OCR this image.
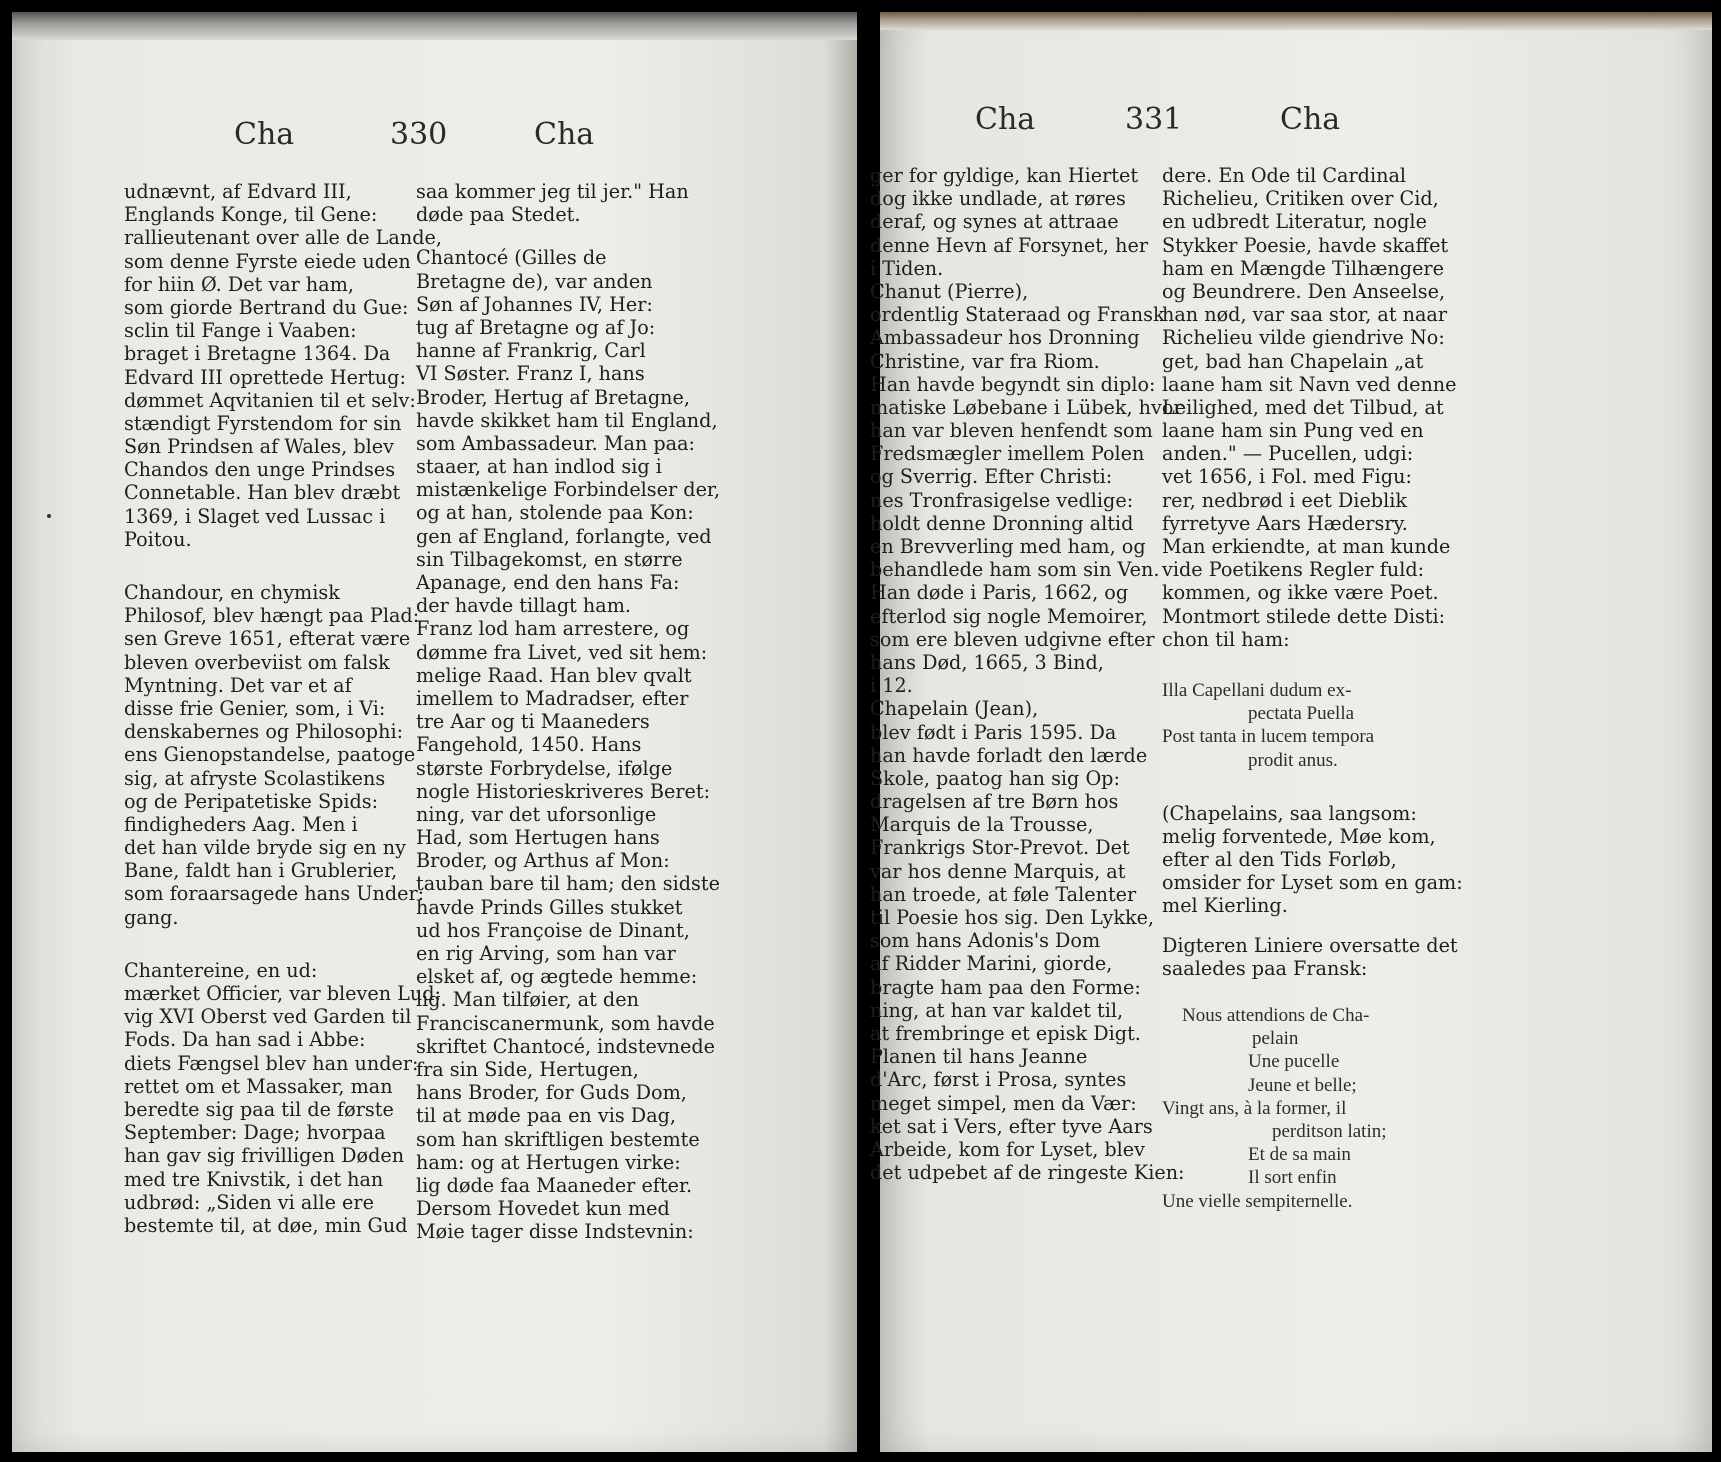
Cha	330	Cha
udnævnt, af Edvard III,
Englands Konge, til Gene:
rallieutenant over alle de Lande,
som denne Fyrste eiede uden
for hiin Ø. Det var ham,
som giorde Bertrand du Gue:
sclin til Fange i Vaaben:
braget i Bretagne 1364. Da
Edvard III oprettede Hertug:
dømmet Aqvitanien til et selv:
stændigt Fyrstendom for sin
Søn Prindsen af Wales, blev
Chandos den unge Prindses
Connetable. Han blev dræbt
1369, i Slaget ved Lussac i
Poitou.
Chandour, en chymisk
Philosof, blev hængt paa Plad:
sen Greve 1651, efterat være
bleven overbeviist om falsk
Myntning. Det var et af
disse frie Genier, som, i Vi:
denskabernes og Philosophi:
ens Gienopstandelse, paatoge
sig, at afryste Scolastikens
og de Peripatetiske Spids:
findigheders Aag. Men i
det han vilde bryde sig en ny
Bane, faldt han i Grublerier,
som foraarsagede hans Under:
gang.
Chantereine, en ud:
mærket Officier, var bleven Lud:
vig XVI Oberst ved Garden til
Fods. Da han sad i Abbe:
diets Fængsel blev han under:
rettet om et Massaker, man
beredte sig paa til de første
September: Dage; hvorpaa
han gav sig frivilligen Døden
med tre Knivstik, i det han
udbrød: „Siden vi alle ere
bestemte til, at døe, min Gud
saa kommer jeg til jer." Han
døde paa Stedet.
Chantocé (Gilles de
Bretagne de), var anden
Søn af Johannes IV, Her:
tug af Bretagne og af Jo:
hanne af Frankrig, Carl
VI Søster. Franz I, hans
Broder, Hertug af Bretagne,
havde skikket ham til England,
som Ambassadeur. Man paa:
staaer, at han indlod sig i
mistænkelige Forbindelser der,
og at han, stolende paa Kon:
gen af England, forlangte, ved
sin Tilbagekomst, en større
Apanage, end den hans Fa:
der havde tillagt ham.
Franz lod ham arrestere, og
dømme fra Livet, ved sit hem:
melige Raad. Han blev qvalt
imellem to Madradser, efter
tre Aar og ti Maaneders
Fangehold, 1450. Hans
største Forbrydelse, ifølge
nogle Historieskriveres Beret:
ning, var det uforsonlige
Had, som Hertugen hans
Broder, og Arthus af Mon:
tauban bare til ham; den sidste
havde Prinds Gilles stukket
ud hos Françoise de Dinant,
en rig Arving, som han var
elsket af, og ægtede hemme:
lig. Man tilføier, at den
Franciscanermunk, som havde
skriftet Chantocé, indstevnede
fra sin Side, Hertugen,
hans Broder, for Guds Dom,
til at møde paa en vis Dag,
som han skriftligen bestemte
ham: og at Hertugen virke:
lig døde faa Maaneder efter.
Dersom Hovedet kun med
Møie tager disse Indstevnin:
Cha	331	Cha
ger for gyldige, kan Hiertet
dog ikke undlade, at røres
deraf, og synes at attraae
denne Hevn af Forsynet, her
i Tiden.
Chanut (Pierre),
ordentlig Stateraad og Fransk
Ambassadeur hos Dronning
Christine, var fra Riom.
Han havde begyndt sin diplo:
matiske Løbebane i Lübek, hvor
han var bleven henfendt som
Fredsmægler imellem Polen
og Sverrig. Efter Christi:
nes Tronfrasigelse vedlige:
holdt denne Dronning altid
en Brevverling med ham, og
behandlede ham som sin Ven.
Han døde i Paris, 1662, og
efterlod sig nogle Memoirer,
som ere bleven udgivne efter
hans Død, 1665, 3 Bind,
i 12.
Chapelain (Jean),
blev født i Paris 1595. Da
han havde forladt den lærde
Skole, paatog han sig Op:
dragelsen af tre Børn hos
Marquis de la Trousse,
Frankrigs Stor-Prevot. Det
var hos denne Marquis, at
han troede, at føle Talenter
til Poesie hos sig. Den Lykke,
som hans Adonis's Dom
af Ridder Marini, giorde,
bragte ham paa den Forme:
ning, at han var kaldet til,
at frembringe et episk Digt.
Planen til hans Jeanne
d'Arc, først i Prosa, syntes
meget simpel, men da Vær:
ket sat i Vers, efter tyve Aars
Arbeide, kom for Lyset, blev
det udpebet af de ringeste Kien:
dere. En Ode til Cardinal
Richelieu, Critiken over Cid,
en udbredt Literatur, nogle
Stykker Poesie, havde skaffet
ham en Mængde Tilhængere
og Beundrere. Den Anseelse,
han nød, var saa stor, at naar
Richelieu vilde giendrive No:
get, bad han Chapelain „at
laane ham sit Navn ved denne
Leilighed, med det Tilbud, at
laane ham sin Pung ved en
anden." — Pucellen, udgi:
vet 1656, i Fol. med Figu:
rer, nedbrød i eet Dieblik
fyrretyve Aars Hædersry.
Man erkiendte, at man kunde
vide Poetikens Regler fuld:
kommen, og ikke være Poet.
Montmort stilede dette Disti:
chon til ham:
Illa Capellani dudum ex-
pectata Puella
Post tanta in lucem tempora
prodit anus.
(Chapelains, saa langsom:
melig forventede, Møe kom,
efter al den Tids Forløb,
omsider for Lyset som en gam:
mel Kierling.
Digteren Liniere oversatte det
saaledes paa Fransk:
Nous attendions de Cha-
pelain
Une pucelle
Jeune et belle;
Vingt ans, à la former, il
perditson latin;
Et de sa main
Il sort enfin
Une vielle sempiternelle.
